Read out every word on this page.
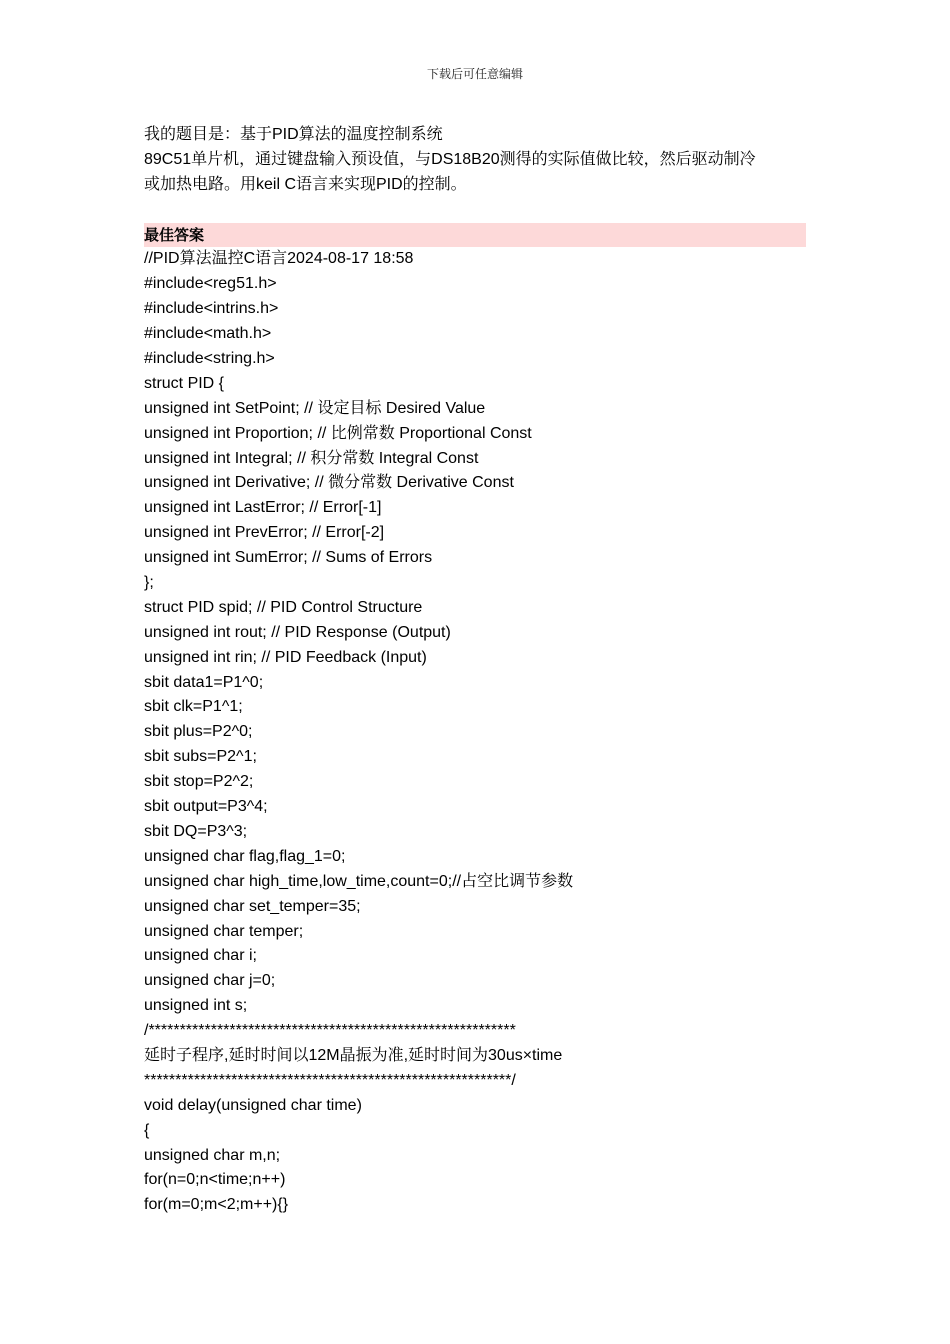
下载后可任意编辑
我的题目是：基于PID算法的温度控制系统
89C51单片机，通过键盘输入预设值，与DS18B20测得的实际值做比较，然后驱动制冷
或加热电路。用keil C语言来实现PID的控制。
最佳答案
//PID算法温控C语言2024-08-17 18:58
#include<reg51.h>
#include<intrins.h>
#include<math.h>
#include<string.h>
struct PID {
unsigned int SetPoint; // 设定目标 Desired Value
unsigned int Proportion; // 比例常数 Proportional Const
unsigned int Integral; // 积分常数 Integral Const
unsigned int Derivative; // 微分常数 Derivative Const
unsigned int LastError; // Error[-1]
unsigned int PrevError; // Error[-2]
unsigned int SumError; // Sums of Errors
};
struct PID spid; // PID Control Structure
unsigned int rout; // PID Response (Output)
unsigned int rin; // PID Feedback (Input)
sbit data1=P1^0;
sbit clk=P1^1;
sbit plus=P2^0;
sbit subs=P2^1;
sbit stop=P2^2;
sbit output=P3^4;
sbit DQ=P3^3;
unsigned char flag,flag_1=0;
unsigned char high_time,low_time,count=0;//占空比调节参数
unsigned char set_temper=35;
unsigned char temper;
unsigned char i;
unsigned char j=0;
unsigned int s;
/***********************************************************
延时子程序,延时时间以12M晶振为准,延时时间为30us×time
***********************************************************/
void delay(unsigned char time)
{
unsigned char m,n;
for(n=0;n<time;n++)
for(m=0;m<2;m++){}
